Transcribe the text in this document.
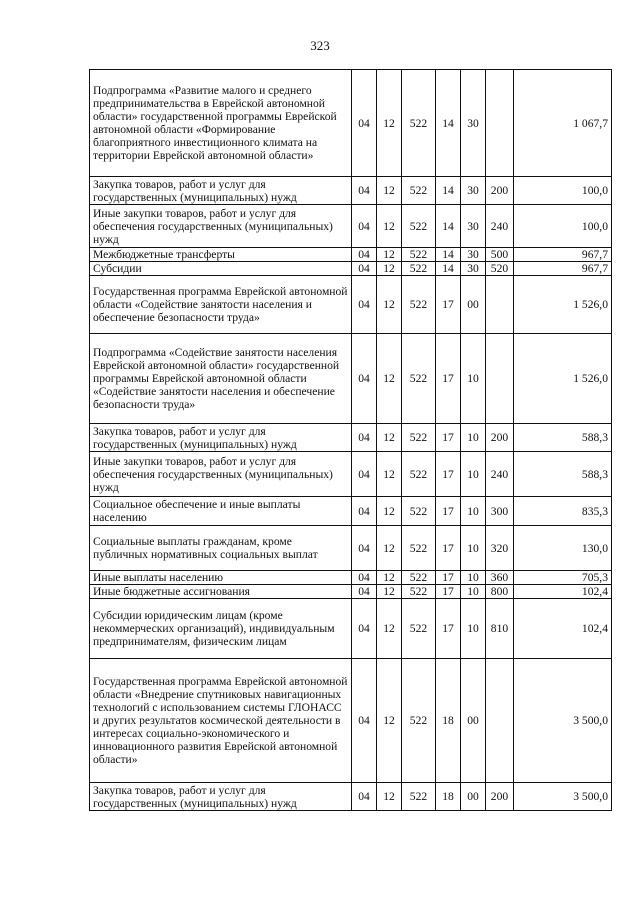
323
Подпрограмма «Развитие малого и среднего предпринимательства в Еврейской автономной области» государственной программы Еврейской автономной области «Формирование благоприятного инвестиционного климата на территории Еврейской автономной области»	04	12	522	14	30		1 067,7
Закупка товаров, работ и услуг для государственных (муниципальных) нужд	04	12	522	14	30	200	100,0
Иные закупки товаров, работ и услуг для обеспечения государственных (муниципальных) нужд	04	12	522	14	30	240	100,0
Межбюджетные трансферты	04	12	522	14	30	500	967,7
Субсидии	04	12	522	14	30	520	967,7
Государственная программа Еврейской автономной области «Содействие занятости населения и обеспечение безопасности труда»	04	12	522	17	00		1 526,0
Подпрограмма «Содействие занятости населения Еврейской автономной области» государственной программы Еврейской автономной области «Содействие занятости населения и обеспечение безопасности труда»	04	12	522	17	10		1 526,0
Закупка товаров, работ и услуг для государственных (муниципальных) нужд	04	12	522	17	10	200	588,3
Иные закупки товаров, работ и услуг для обеспечения государственных (муниципальных) нужд	04	12	522	17	10	240	588,3
Социальное обеспечение и иные выплаты населению	04	12	522	17	10	300	835,3
Социальные выплаты гражданам, кроме публичных нормативных социальных выплат	04	12	522	17	10	320	130,0
Иные выплаты населению	04	12	522	17	10	360	705,3
Иные бюджетные ассигнования	04	12	522	17	10	800	102,4
Субсидии юридическим лицам (кроме некоммерческих организаций), индивидуальным предпринимателям, физическим лицам	04	12	522	17	10	810	102,4
Государственная программа Еврейской автономной области «Внедрение спутниковых навигационных технологий с использованием системы ГЛОНАСС и других результатов космической деятельности в интересах социально-экономического и инновационного развития Еврейской автономной области»	04	12	522	18	00		3 500,0
Закупка товаров, работ и услуг для государственных (муниципальных) нужд	04	12	522	18	00	200	3 500,0
